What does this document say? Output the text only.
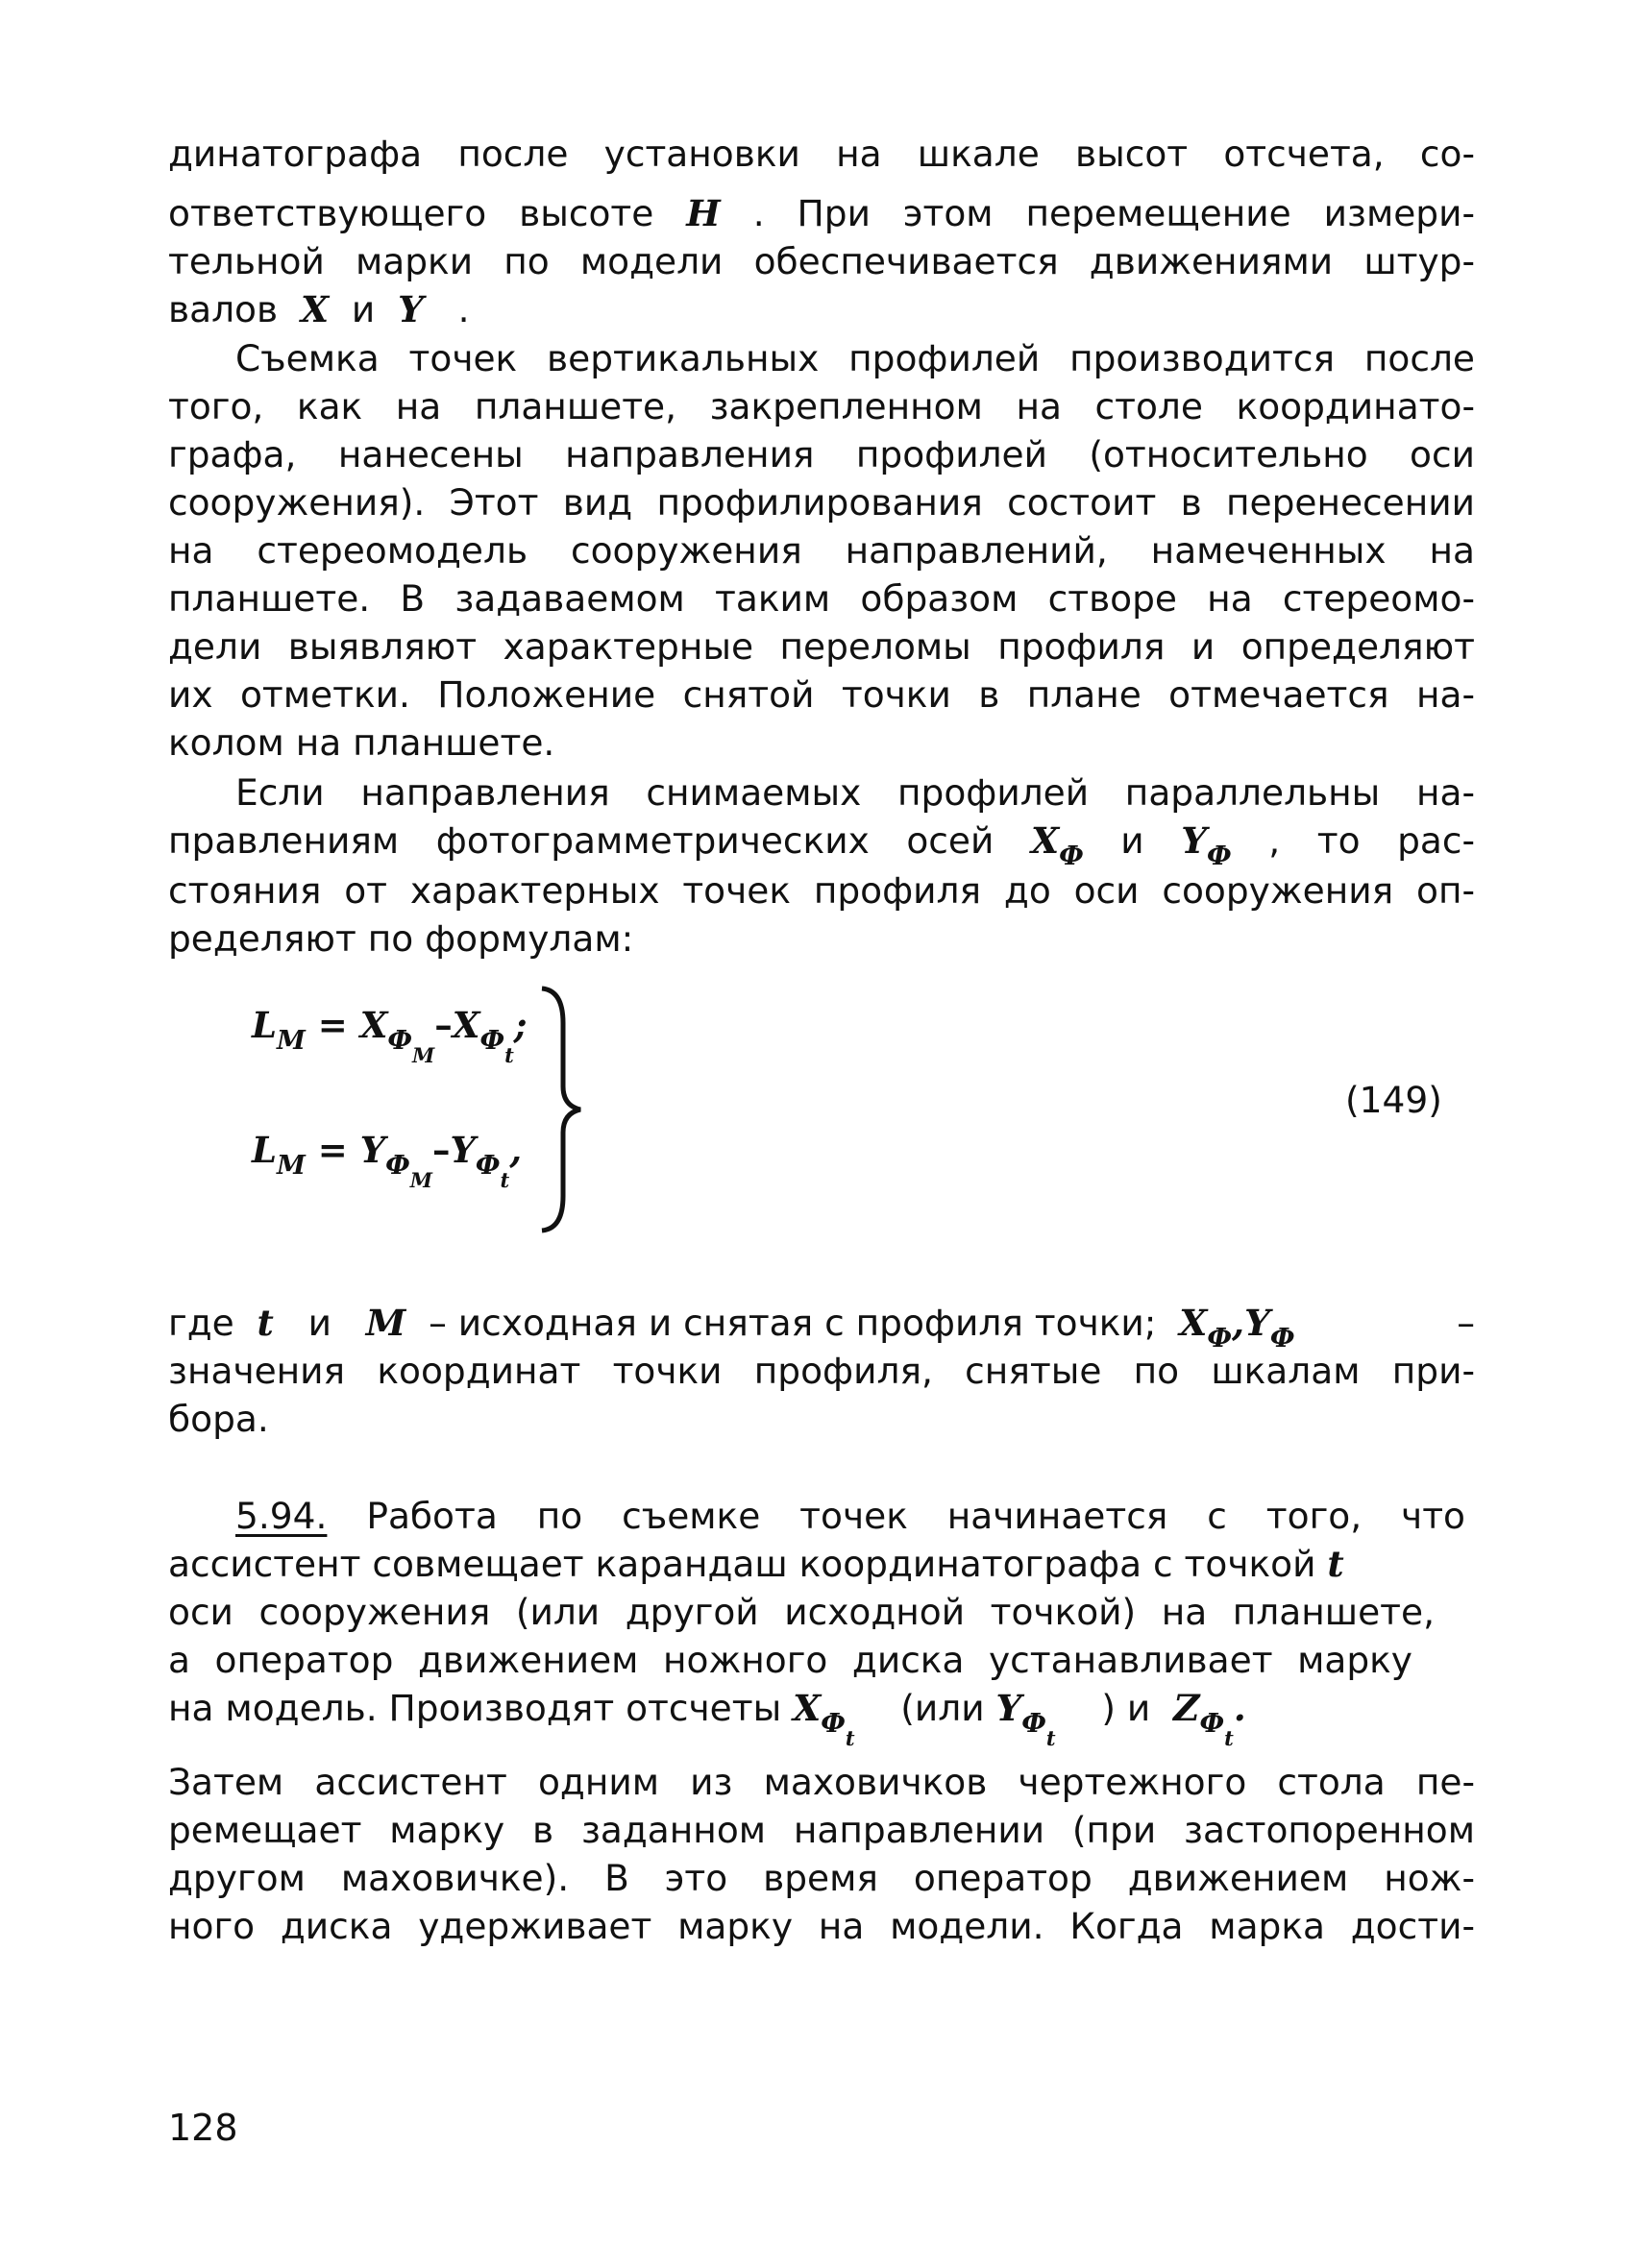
динатографа после установки на шкале высот отсчета, со-
ответствующего высоте H . При этом перемещение измери-
тельной марки по модели обеспечивается движениями штур-
валов X и Y .
Съемка точек вертикальных профилей производится после
того, как на планшете, закрепленном на столе координато-
графа, нанесены направления профилей (относительно оси
сооружения). Этот вид профилирования состоит в перенесении
на стереомодель сооружения направлений, намеченных на
планшете. В задаваемом таким образом створе на стереомо-
дели выявляют характерные переломы профиля и определяют
их отметки. Положение снятой точки в плане отмечается на-
колом на планшете.
Если направления снимаемых профилей параллельны на-
правлениям фотограмметрических осей $X_Ф$ и $Y_Ф$ , то рас-
стояния от характерных точек профиля до оси сооружения оп-
ределяют по формулам:
$L_M = X_{Ф_M}-X_{Ф_t}$;
$L_M = Y_{Ф_M}-Y_{Ф_t}$,
(149)
где t и M – исходная и снятая с профиля точки; $X_Ф,Y_Ф$	–
значения координат точки профиля, снятые по шкалам при-
бора.
5.94. Работа по съемке точек начинается с того, что
ассистент совмещает карандаш координатографа с точкой t
оси сооружения (или другой исходной точкой) на планшете,
а оператор движением ножного диска устанавливает марку
на модель. Производят отсчеты $X_{Ф_t}$    (или $Y_{Ф_t}$    ) и $Z_{Ф_t}$.
Затем ассистент одним из маховичков чертежного стола пе-
ремещает марку в заданном направлении (при застопоренном
другом маховичке). В это время оператор движением нож-
ного диска удерживает марку на модели. Когда марка дости-
128
